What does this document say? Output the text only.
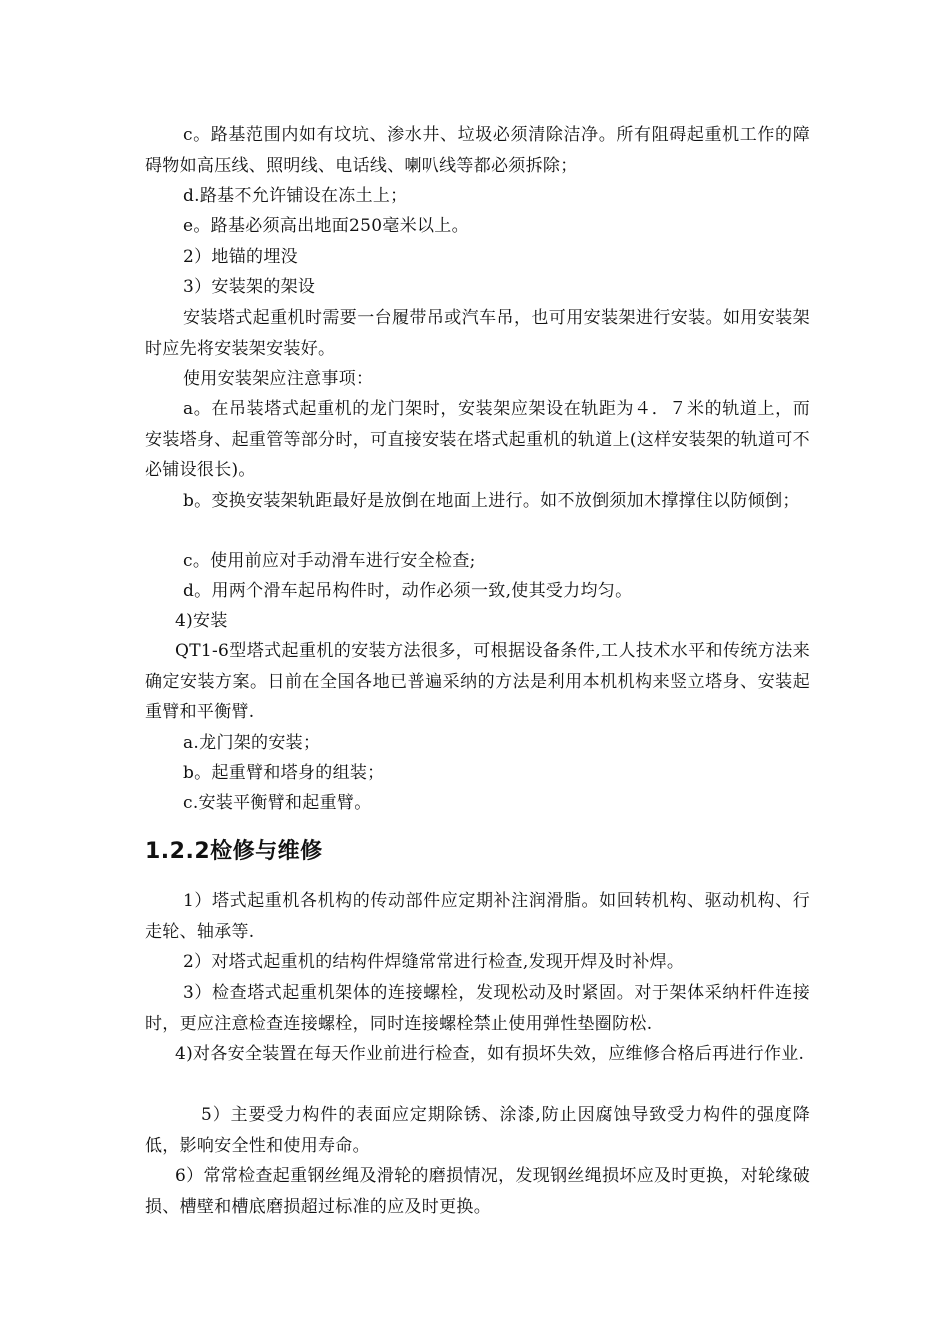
c。路基范围内如有坟坑、渗水井、垃圾必须清除洁净。所有阻碍起重机工作的障碍物如高压线、照明线、电话线、喇叭线等都必须拆除；

d.路基不允许铺设在冻土上；

e。路基必须高出地面250毫米以上。

2）地锚的埋没

3）安装架的架设

安装塔式起重机时需要一台履带吊或汽车吊，也可用安装架进行安装。如用安装架时应先将安装架安装好。

使用安装架应注意事项：

a。在吊装塔式起重机的龙门架时，安装架应架设在轨距为４．７米的轨道上，而安装塔身、起重管等部分时，可直接安装在塔式起重机的轨道上(这样安装架的轨道可不必铺设很长)。

b。变换安装架轨距最好是放倒在地面上进行。如不放倒须加木撑撑住以防倾倒；

c。使用前应对手动滑车进行安全检查;

d。用两个滑车起吊构件时，动作必须一致,使其受力均匀。

4)安装

QT1-6型塔式起重机的安装方法很多，可根据设备条件,工人技术水平和传统方法来确定安装方案。日前在全国各地已普遍采纳的方法是利用本机机构来竖立塔身、安装起重臂和平衡臂.

a.龙门架的安装；

b。起重臂和塔身的组装；

c.安装平衡臂和起重臂。

1.2.2检修与维修

1）塔式起重机各机构的传动部件应定期补注润滑脂。如回转机构、驱动机构、行走轮、轴承等.

2）对塔式起重机的结构件焊缝常常进行检查,发现开焊及时补焊。

3）检查塔式起重机架体的连接螺栓，发现松动及时紧固。对于架体采纳杆件连接时，更应注意检查连接螺栓，同时连接螺栓禁止使用弹性垫圈防松.

4)对各安全装置在每天作业前进行检查，如有损坏失效，应维修合格后再进行作业.

5）主要受力构件的表面应定期除锈、涂漆,防止因腐蚀导致受力构件的强度降低，影响安全性和使用寿命。

6）常常检查起重钢丝绳及滑轮的磨损情况，发现钢丝绳损坏应及时更换，对轮缘破损、槽壁和槽底磨损超过标准的应及时更换。
